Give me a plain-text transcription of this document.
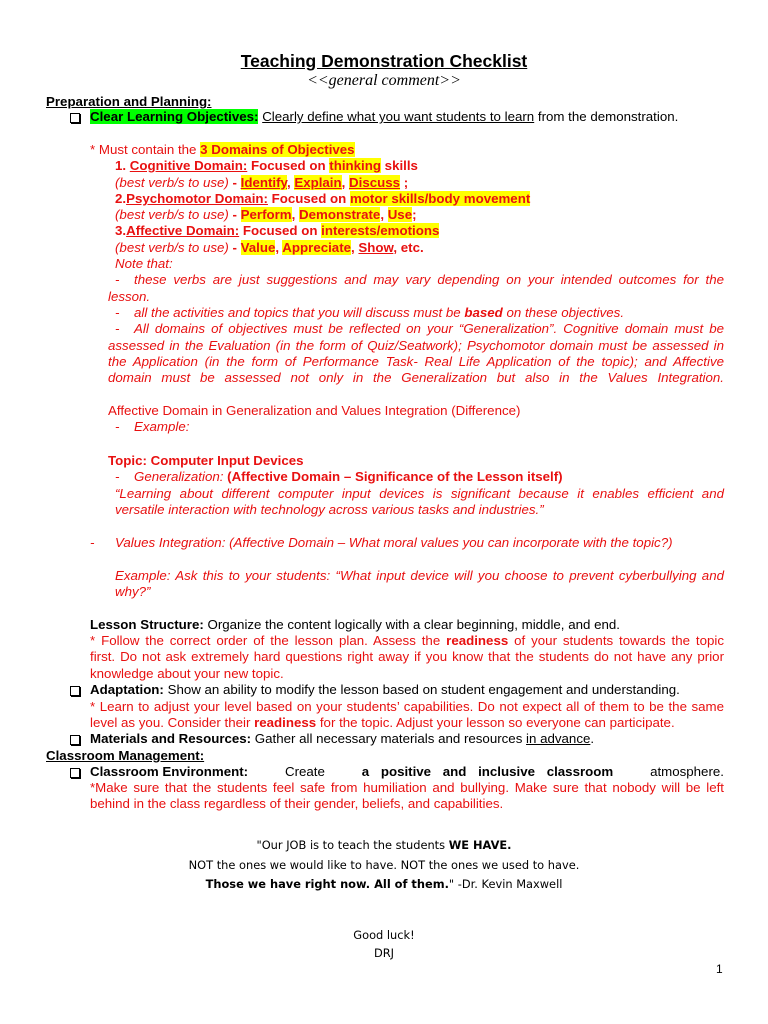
Teaching Demonstration Checklist
<<general comment>>
Preparation and Planning:
Clear Learning Objectives: Clearly define what you want students to learn from the demonstration.
* Must contain the 3 Domains of Objectives
1. Cognitive Domain: Focused on thinking skills
(best verb/s to use) - Identify, Explain, Discuss ;
2.Psychomotor Domain: Focused on motor skills/body movement
(best verb/s to use) - Perform, Demonstrate, Use;
3.Affective Domain: Focused on interests/emotions
(best verb/s to use) - Value, Appreciate, Show, etc.
Note that:
- these verbs are just suggestions and may vary depending on your intended outcomes for the
lesson.
- all the activities and topics that you will discuss must be based on these objectives.
- All domains of objectives must be reflected on your “Generalization”. Cognitive domain must be
assessed in the Evaluation (in the form of Quiz/Seatwork); Psychomotor domain must be assessed in
the Application (in the form of Performance Task- Real Life Application of the topic); and Affective
domain must be assessed not only in the Generalization but also in the Values Integration.
Affective Domain in Generalization and Values Integration (Difference)
- Example:
Topic: Computer Input Devices
- Generalization: (Affective Domain – Significance of the Lesson itself)
“Learning about different computer input devices is significant because it enables efficient and
versatile interaction with technology across various tasks and industries.”
- Values Integration: (Affective Domain – What moral values you can incorporate with the topic?)
Example: Ask this to your students: “What input device will you choose to prevent cyberbullying and
why?”
Lesson Structure: Organize the content logically with a clear beginning, middle, and end.
* Follow the correct order of the lesson plan. Assess the readiness of your students towards the topic
first. Do not ask extremely hard questions right away if you know that the students do not have any prior
knowledge about your new topic.
Adaptation: Show an ability to modify the lesson based on student engagement and understanding.
* Learn to adjust your level based on your students’ capabilities. Do not expect all of them to be the same
level as you. Consider their readiness for the topic. Adjust your lesson so everyone can participate.
Materials and Resources: Gather all necessary materials and resources in advance.
Classroom Management:
Classroom Environment:	Create	a positive and inclusive classroom	atmosphere.
*Make sure that the students feel safe from humiliation and bullying. Make sure that nobody will be left
behind in the class regardless of their gender, beliefs, and capabilities.
"Our JOB is to teach the students WE HAVE.
NOT the ones we would like to have. NOT the ones we used to have.
Those we have right now. All of them." -Dr. Kevin Maxwell
Good luck!
DRJ
1
